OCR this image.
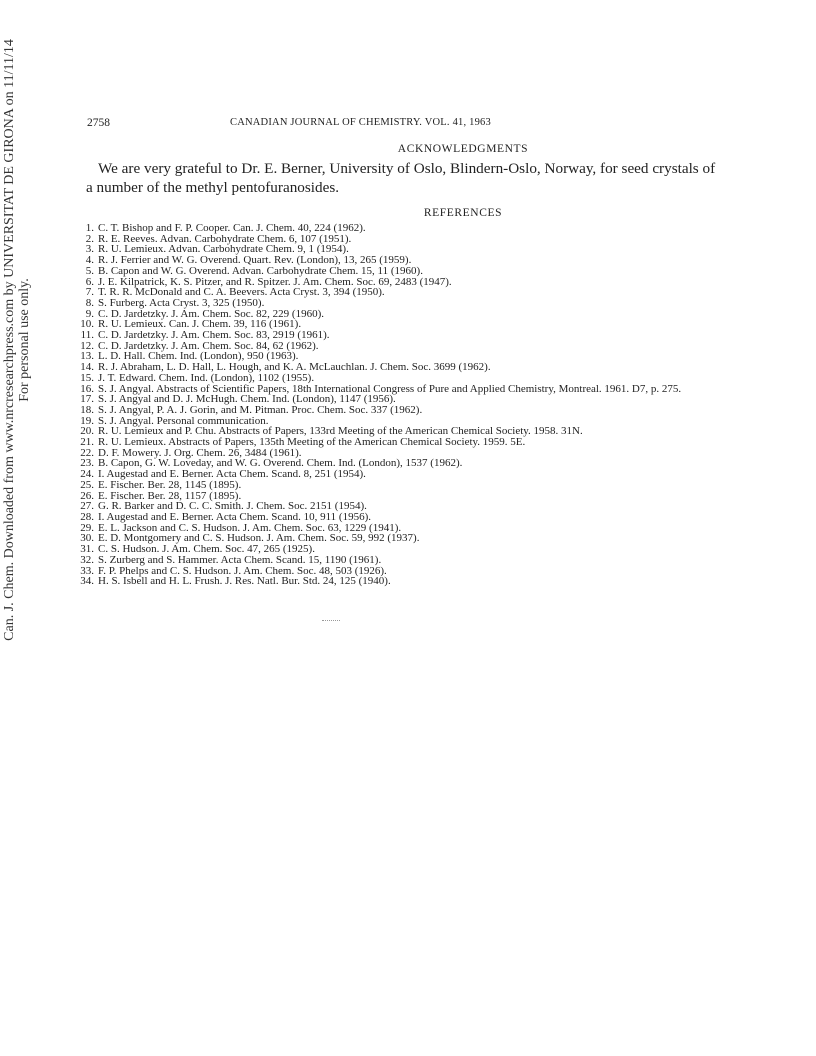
Can. J. Chem. Downloaded from www.nrcresearchpress.com by UNIVERSITAT DE GIRONA on 11/11/14 For personal use only.
2758	CANADIAN JOURNAL OF CHEMISTRY. VOL. 41, 1963
ACKNOWLEDGMENTS

We are very grateful to Dr. E. Berner, University of Oslo, Blindern-Oslo, Norway, for seed crystals of a number of the methyl pentofuranosides.

REFERENCES
1. C. T. Bishop and F. P. Cooper. Can. J. Chem. 40, 224 (1962).
2. R. E. Reeves. Advan. Carbohydrate Chem. 6, 107 (1951).
3. R. U. Lemieux. Advan. Carbohydrate Chem. 9, 1 (1954).
4. R. J. Ferrier and W. G. Overend. Quart. Rev. (London), 13, 265 (1959).
5. B. Capon and W. G. Overend. Advan. Carbohydrate Chem. 15, 11 (1960).
6. J. E. Kilpatrick, K. S. Pitzer, and R. Spitzer. J. Am. Chem. Soc. 69, 2483 (1947).
7. T. R. R. McDonald and C. A. Beevers. Acta Cryst. 3, 394 (1950).
8. S. Furberg. Acta Cryst. 3, 325 (1950).
9. C. D. Jardetzky. J. Am. Chem. Soc. 82, 229 (1960).
10. R. U. Lemieux. Can. J. Chem. 39, 116 (1961).
11. C. D. Jardetzky. J. Am. Chem. Soc. 83, 2919 (1961).
12. C. D. Jardetzky. J. Am. Chem. Soc. 84, 62 (1962).
13. L. D. Hall. Chem. Ind. (London), 950 (1963).
14. R. J. Abraham, L. D. Hall, L. Hough, and K. A. McLauchlan. J. Chem. Soc. 3699 (1962).
15. J. T. Edward. Chem. Ind. (London), 1102 (1955).
16. S. J. Angyal. Abstracts of Scientific Papers, 18th International Congress of Pure and Applied Chemistry, Montreal. 1961. D7, p. 275.
17. S. J. Angyal and D. J. McHugh. Chem. Ind. (London), 1147 (1956).
18. S. J. Angyal, P. A. J. Gorin, and M. Pitman. Proc. Chem. Soc. 337 (1962).
19. S. J. Angyal. Personal communication.
20. R. U. Lemieux and P. Chu. Abstracts of Papers, 133rd Meeting of the American Chemical Society. 1958. 31N.
21. R. U. Lemieux. Abstracts of Papers, 135th Meeting of the American Chemical Society. 1959. 5E.
22. D. F. Mowery. J. Org. Chem. 26, 3484 (1961).
23. B. Capon, G. W. Loveday, and W. G. Overend. Chem. Ind. (London), 1537 (1962).
24. I. Augestad and E. Berner. Acta Chem. Scand. 8, 251 (1954).
25. E. Fischer. Ber. 28, 1145 (1895).
26. E. Fischer. Ber. 28, 1157 (1895).
27. G. R. Barker and D. C. C. Smith. J. Chem. Soc. 2151 (1954).
28. I. Augestad and E. Berner. Acta Chem. Scand. 10, 911 (1956).
29. E. L. Jackson and C. S. Hudson. J. Am. Chem. Soc. 63, 1229 (1941).
30. E. D. Montgomery and C. S. Hudson. J. Am. Chem. Soc. 59, 992 (1937).
31. C. S. Hudson. J. Am. Chem. Soc. 47, 265 (1925).
32. S. Zurberg and S. Hammer. Acta Chem. Scand. 15, 1190 (1961).
33. F. P. Phelps and C. S. Hudson. J. Am. Chem. Soc. 48, 503 (1926).
34. H. S. Isbell and H. L. Frush. J. Res. Natl. Bur. Std. 24, 125 (1940).
